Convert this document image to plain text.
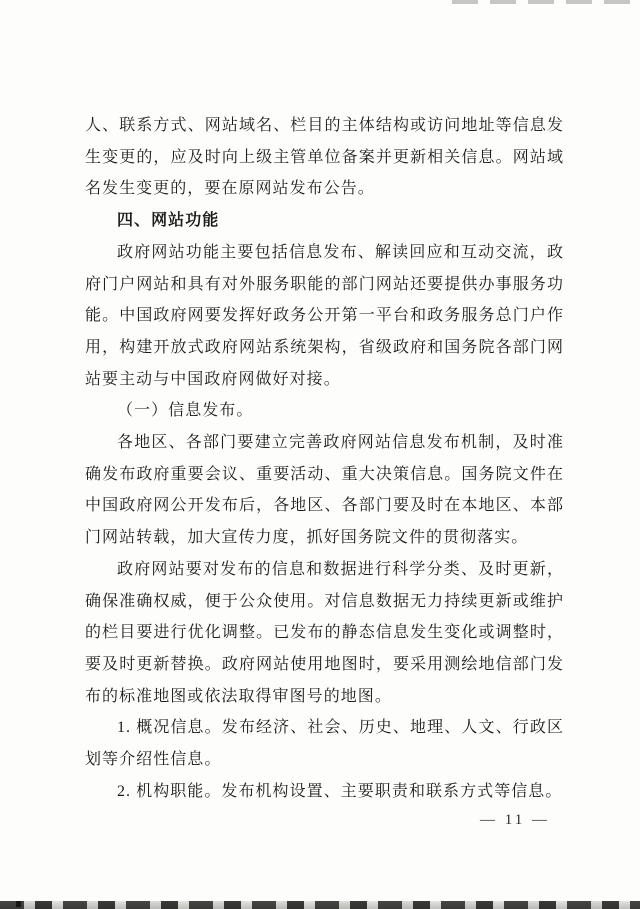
人、联系方式、网站域名、栏目的主体结构或访问地址等信息发生变更的，应及时向上级主管单位备案并更新相关信息。网站域名发生变更的，要在原网站发布公告。

四、网站功能

政府网站功能主要包括信息发布、解读回应和互动交流，政府门户网站和具有对外服务职能的部门网站还要提供办事服务功能。中国政府网要发挥好政务公开第一平台和政务服务总门户作用，构建开放式政府网站系统架构，省级政府和国务院各部门网站要主动与中国政府网做好对接。

（一）信息发布。

各地区、各部门要建立完善政府网站信息发布机制，及时准确发布政府重要会议、重要活动、重大决策信息。国务院文件在中国政府网公开发布后，各地区、各部门要及时在本地区、本部门网站转载，加大宣传力度，抓好国务院文件的贯彻落实。

政府网站要对发布的信息和数据进行科学分类、及时更新，确保准确权威，便于公众使用。对信息数据无力持续更新或维护的栏目要进行优化调整。已发布的静态信息发生变化或调整时，要及时更新替换。政府网站使用地图时，要采用测绘地信部门发布的标准地图或依法取得审图号的地图。

1. 概况信息。发布经济、社会、历史、地理、人文、行政区划等介绍性信息。

2. 机构职能。发布机构设置、主要职责和联系方式等信息。

— 11 —
